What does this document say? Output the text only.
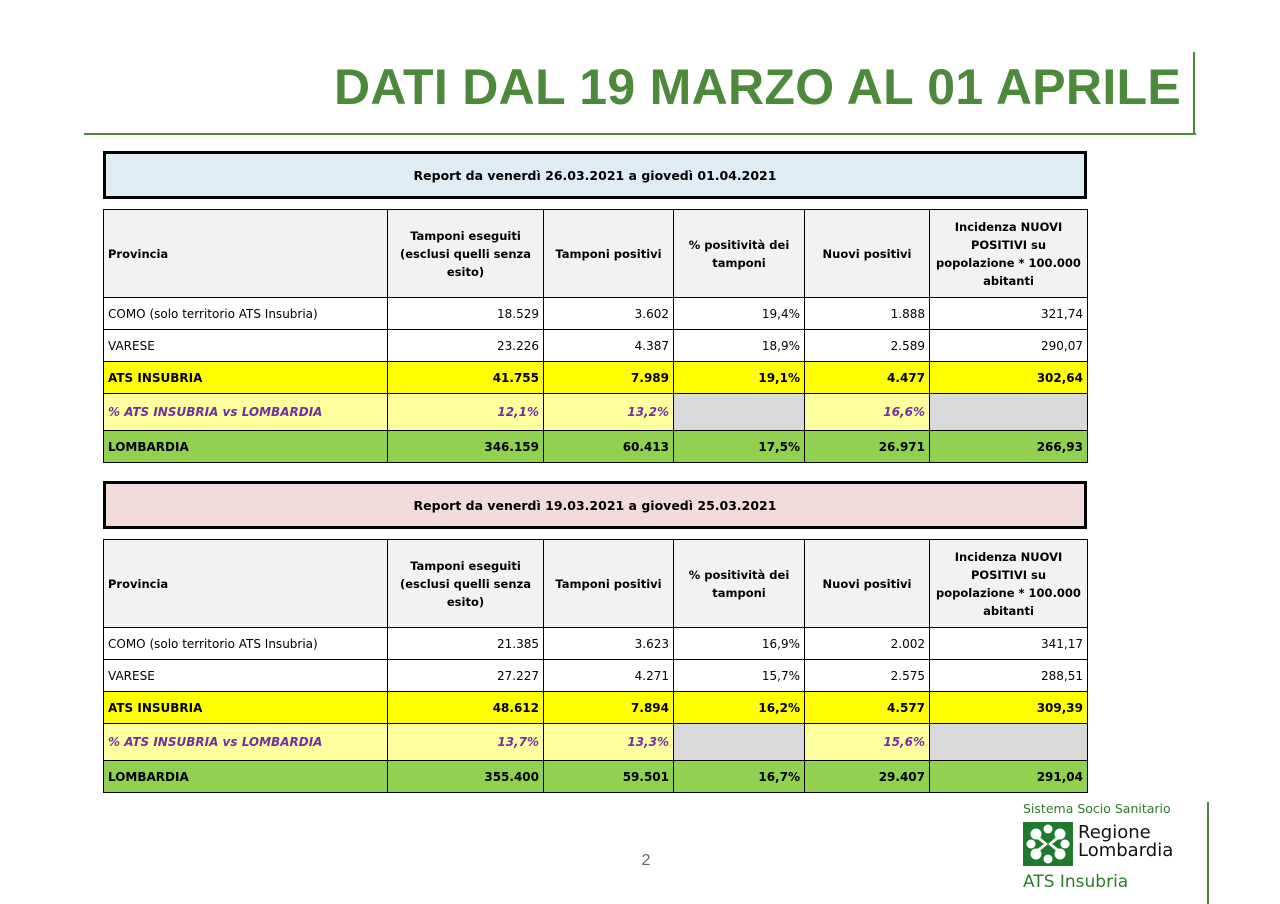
DATI DAL 19 MARZO AL 01 APRILE
Report da venerdì 26.03.2021 a giovedì 01.04.2021
Provincia	Tamponi eseguiti (esclusi quelli senza esito)	Tamponi positivi	% positività dei tamponi	Nuovi positivi	Incidenza NUOVI POSITIVI su popolazione * 100.000 abitanti
COMO (solo territorio ATS Insubria)	18.529	3.602	19,4%	1.888	321,74
VARESE	23.226	4.387	18,9%	2.589	290,07
ATS INSUBRIA	41.755	7.989	19,1%	4.477	302,64
% ATS INSUBRIA vs LOMBARDIA	12,1%	13,2%		16,6%	
LOMBARDIA	346.159	60.413	17,5%	26.971	266,93
Report da venerdì 19.03.2021 a giovedì 25.03.2021
Provincia	Tamponi eseguiti (esclusi quelli senza esito)	Tamponi positivi	% positività dei tamponi	Nuovi positivi	Incidenza NUOVI POSITIVI su popolazione * 100.000 abitanti
COMO (solo territorio ATS Insubria)	21.385	3.623	16,9%	2.002	341,17
VARESE	27.227	4.271	15,7%	2.575	288,51
ATS INSUBRIA	48.612	7.894	16,2%	4.577	309,39
% ATS INSUBRIA vs LOMBARDIA	13,7%	13,3%		15,6%	
LOMBARDIA	355.400	59.501	16,7%	29.407	291,04
2
Sistema Socio Sanitario
Regione
Lombardia
ATS Insubria
